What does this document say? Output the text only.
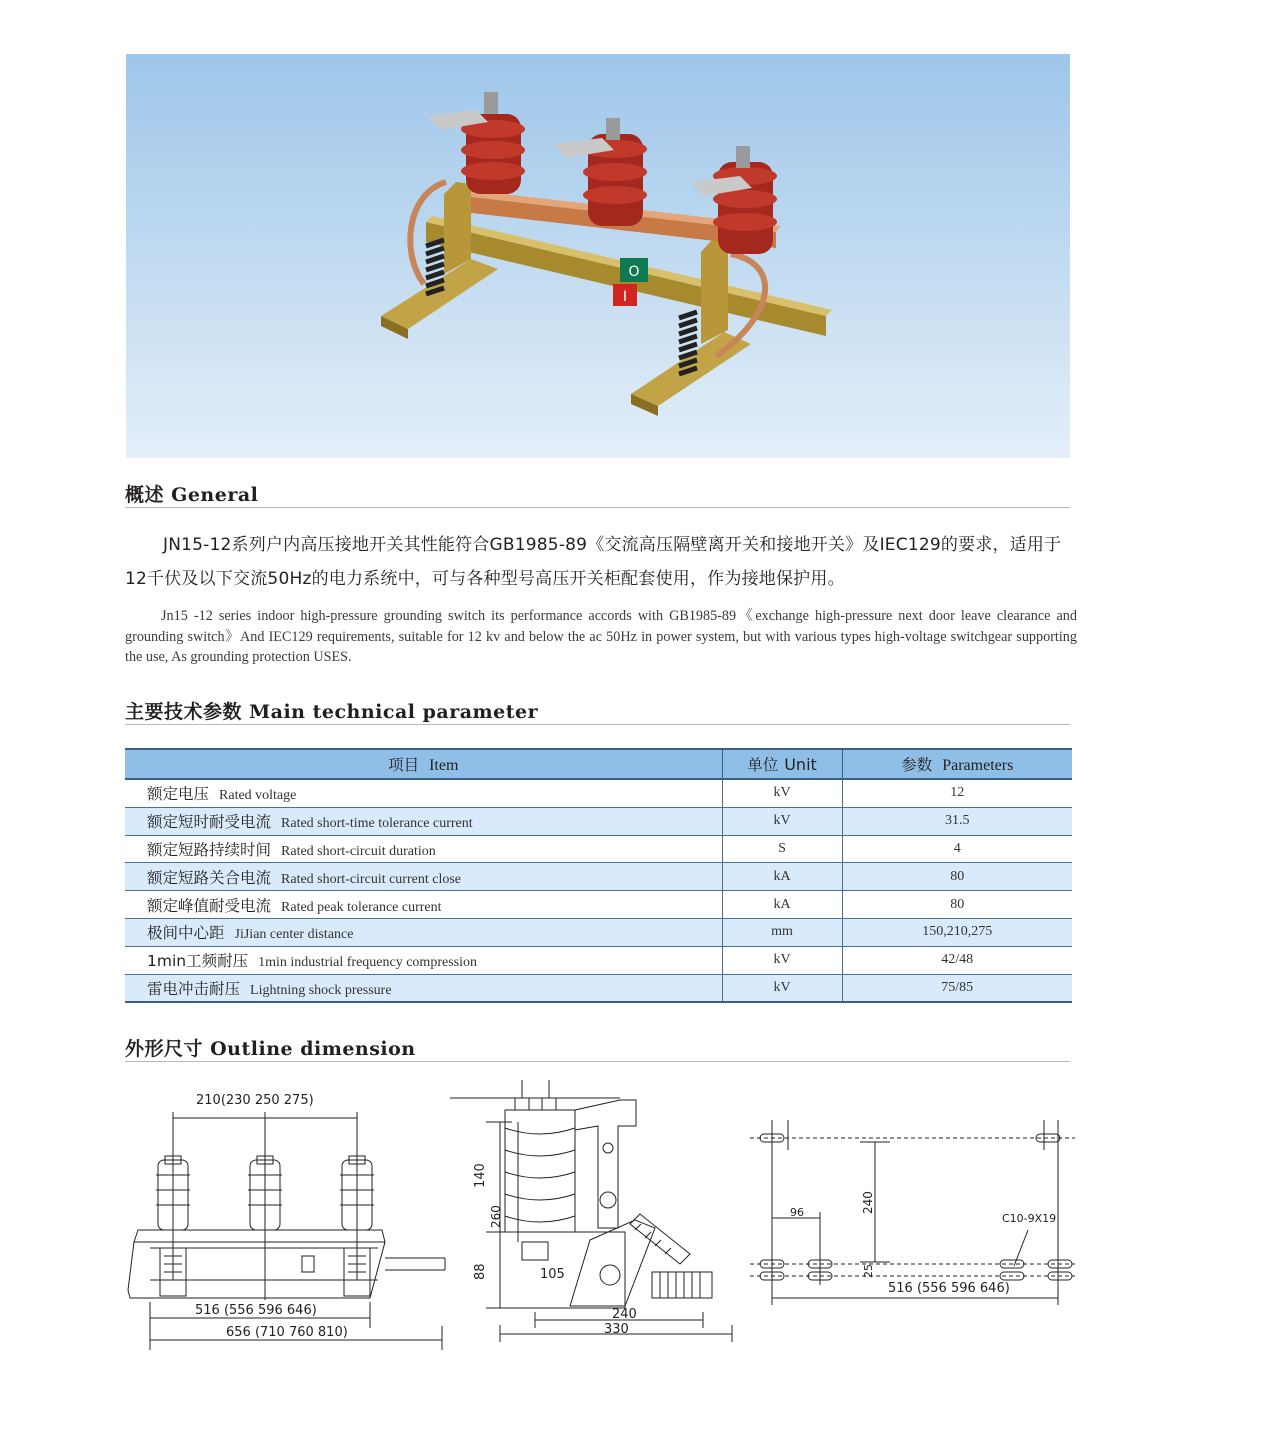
O
I
概述 General

JN15-12系列户内高压接地开关其性能符合GB1985-89《交流高压隔壁离开关和接地开关》及IEC129的要求，适用于12千伏及以下交流50Hz的电力系统中，可与各种型号高压开关柜配套使用，作为接地保护用。

Jn15 -12 series indoor high-pressure grounding switch its performance accords with GB1985-89《exchange high-pressure next door leave clearance and grounding switch》And IEC129 requirements, suitable for 12 kv and below the ac 50Hz in power system, but with various types high-voltage switchgear supporting the use, As grounding protection USES.

主要技术参数 Main technical parameter
项目 Item	单位 Unit	参数 Parameters
额定电压 Rated voltage	kV	12
额定短时耐受电流 Rated short-time tolerance current	kV	31.5
额定短路持续时间 Rated short-circuit duration	S	4
额定短路关合电流 Rated short-circuit current close	kA	80
额定峰值耐受电流 Rated peak tolerance current	kA	80
极间中心距 JiJian center distance	mm	150,210,275
1min工频耐压 1min industrial frequency compression	kV	42/48
雷电冲击耐压 Lightning shock pressure	kV	75/85
外形尺寸 Outline dimension
210(230 250 275)
516 (556 596 646)
656 (710 760 810)
140
260
88	105
240
330
96	240
25
C10-9X19
516 (556 596 646)
